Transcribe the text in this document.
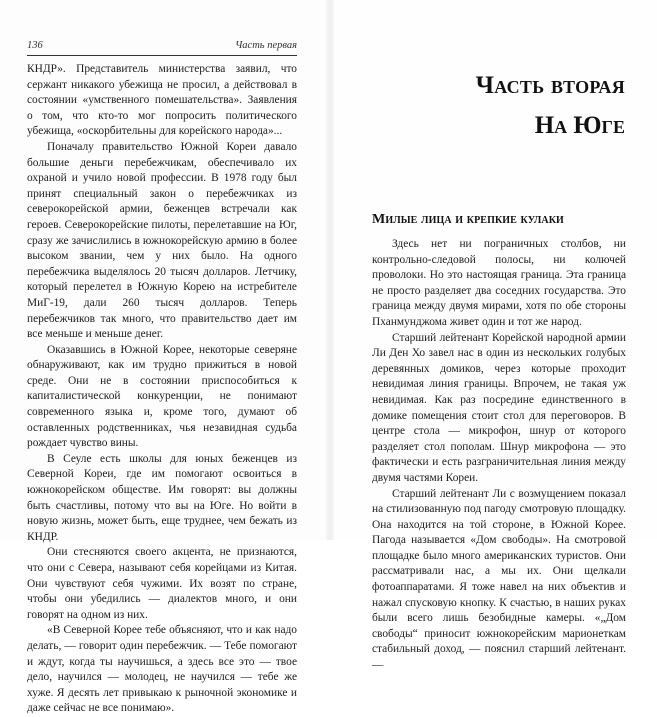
136	Часть первая

КНДР». Представитель министерства заявил, что сержант никакого убежища не просил, а действовал в состоянии «умственного помешательства». Заявления о том, что кто-то мог попросить политического убежища, «оскорбительны для корейского народа»...

Поначалу правительство Южной Кореи давало большие деньги перебежчикам, обеспечивало их охраной и учило новой профессии. В 1978 году был принят специальный закон о перебежчиках из северокорейской армии, беженцев встречали как героев. Северокорейские пилоты, перелетавшие на Юг, сразу же зачислились в южнокорейскую армию в более высоком звании, чем у них было. На одного перебежчика выделялось 20 тысяч долларов. Летчику, который перелетел в Южную Корею на истребителе МиГ-19, дали 260 тысяч долларов. Теперь перебежчиков так много, что правительство дает им все меньше и меньше денег.

Оказавшись в Южной Корее, некоторые северяне обнаруживают, как им трудно прижиться в новой среде. Они не в состоянии приспособиться к капиталистической конкуренции, не понимают современного языка и, кроме того, думают об оставленных родственниках, чья незавидная судьба рождает чувство вины.

В Сеуле есть школы для юных беженцев из Северной Кореи, где им помогают освоиться в южнокорейском обществе. Им говорят: вы должны быть счастливы, потому что вы на Юге. Но войти в новую жизнь, может быть, еще труднее, чем бежать из КНДР.

Они стесняются своего акцента, не признаются, что они с Севера, называют себя корейцами из Китая. Они чувствуют себя чужими. Их возят по стране, чтобы они убедились — диалектов много, и они говорят на одном из них.

«В Северной Корее тебе объясняют, что и как надо делать, — говорит один перебежчик. — Тебе помогают и ждут, когда ты научишься, а здесь все это — твое дело, научился — молодец, не научился — тебе же хуже. Я десять лет привыкаю к рыночной экономике и даже сейчас не все понимаю».

Часть вторая
На Юге
Милые лица и крепкие кулаки

Здесь нет ни пограничных столбов, ни контрольно-следовой полосы, ни колючей проволоки. Но это настоящая граница. Эта граница не просто разделяет два соседних государства. Это граница между двумя мирами, хотя по обе стороны Пханмунджома живет один и тот же народ.

Старший лейтенант Корейской народной армии Ли Ден Хо завел нас в один из нескольких голубых деревянных домиков, через которые проходит невидимая линия границы. Впрочем, не такая уж невидимая. Как раз посредине единственного в домике помещения стоит стол для переговоров. В центре стола — микрофон, шнур от которого разделяет стол пополам. Шнур микрофона — это фактически и есть разграничительная линия между двумя частями Кореи.

Старший лейтенант Ли с возмущением показал на стилизованную под пагоду смотровую площадку. Она находится на той стороне, в Южной Корее. Пагода называется «Дом свободы». На смотровой площадке было много американских туристов. Они рассматривали нас, а мы их. Они щелкали фотоаппаратами. Я тоже навел на них объектив и нажал спусковую кнопку. К счастью, в наших руках были всего лишь безобидные камеры. «„Дом свободы“ приносит южнокорейским марионеткам стабильный доход, — пояснил старший лейтенант. —
